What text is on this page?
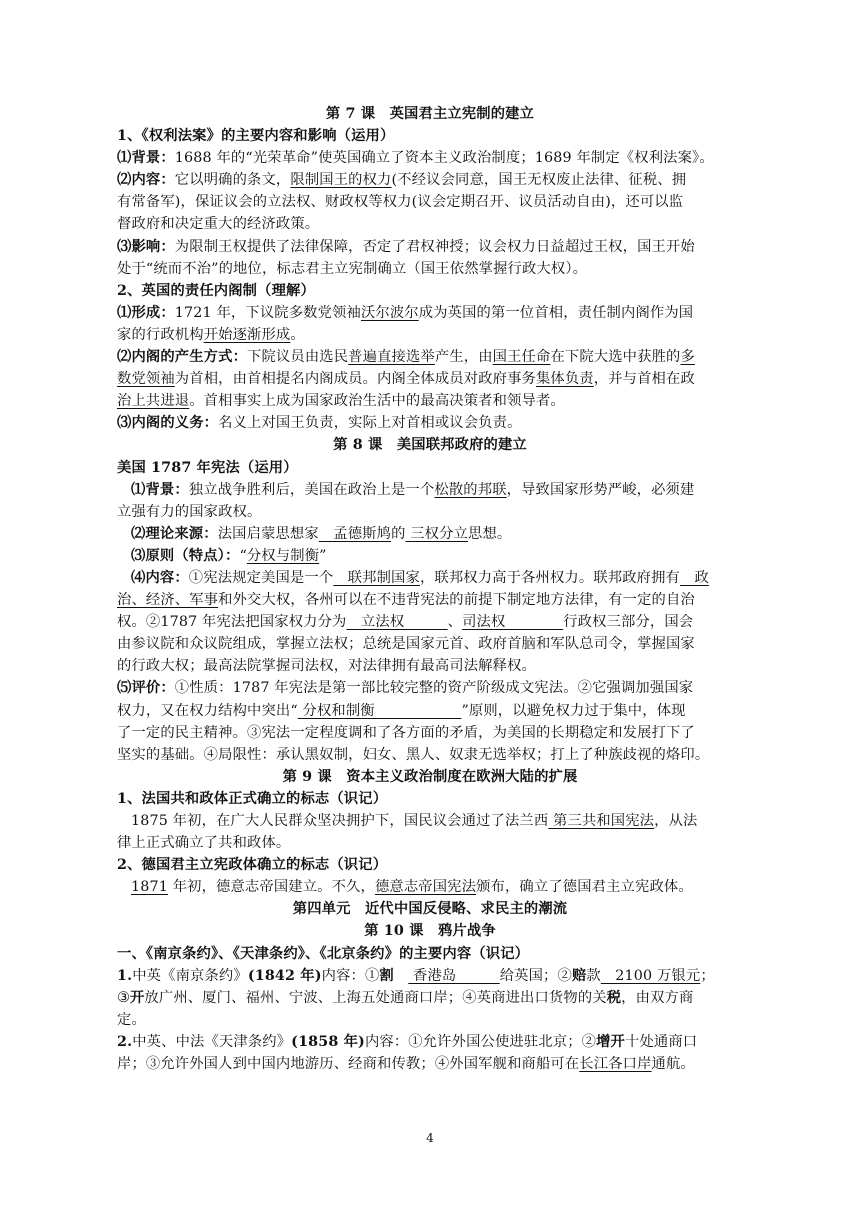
第 7 课　英国君主立宪制的建立
1、《权利法案》的主要内容和影响（运用）
⑴背景：1688 年的“光荣革命”使英国确立了资本主义政治制度；1689 年制定《权利法案》。
⑵内容：它以明确的条文，限制国王的权力(不经议会同意，国王无权废止法律、征税、拥
有常备军)，保证议会的立法权、财政权等权力(议会定期召开、议员活动自由)，还可以监
督政府和决定重大的经济政策。
⑶影响：为限制王权提供了法律保障，否定了君权神授；议会权力日益超过王权，国王开始
处于“统而不治”的地位，标志君主立宪制确立（国王依然掌握行政大权）。
2、英国的责任内阁制（理解）
⑴形成：1721 年，下议院多数党领袖沃尔波尔成为英国的第一位首相，责任制内阁作为国
家的行政机构开始逐渐形成。
⑵内阁的产生方式：下院议员由选民普遍直接选举产生，由国王任命在下院大选中获胜的多
数党领袖为首相，由首相提名内阁成员。内阁全体成员对政府事务集体负责，并与首相在政
治上共进退。首相事实上成为国家政治生活中的最高决策者和领导者。
⑶内阁的义务：名义上对国王负责，实际上对首相或议会负责。
第 8 课　美国联邦政府的建立
美国 1787 年宪法（运用）
⑴背景：独立战争胜利后，美国在政治上是一个松散的邦联，导致国家形势严峻，必须建
立强有力的国家政权。
⑵理论来源：法国启蒙思想家　孟德斯鸠的 三权分立思想。
⑶原则（特点）：“分权与制衡”
⑷内容：①宪法规定美国是一个　联邦制国家，联邦权力高于各州权力。联邦政府拥有　政
治、经济、军事和外交大权，各州可以在不违背宪法的前提下制定地方法律，有一定的自治
权。②1787 年宪法把国家权力分为　立法权　　　、司法权　　　　行政权三部分，国会
由参议院和众议院组成，掌握立法权；总统是国家元首、政府首脑和军队总司令，掌握国家
的行政大权；最高法院掌握司法权，对法律拥有最高司法解释权。
⑸评价：①性质：1787 年宪法是第一部比较完整的资产阶级成文宪法。②它强调加强国家
权力，又在权力结构中突出“ 分权和制衡　　　　　　”原则，以避免权力过于集中，体现
了一定的民主精神。③宪法一定程度调和了各方面的矛盾，为美国的长期稳定和发展打下了
坚实的基础。④局限性：承认黑奴制，妇女、黑人、奴隶无选举权；打上了种族歧视的烙印。
第 9 课　资本主义政治制度在欧洲大陆的扩展
1、法国共和政体正式确立的标志（识记）
1875 年初，在广大人民群众坚决拥护下，国民议会通过了法兰西 第三共和国宪法，从法
律上正式确立了共和政体。
2、德国君主立宪政体确立的标志（识记）
1871 年初，德意志帝国建立。不久，德意志帝国宪法颁布，确立了德国君主立宪政体。
第四单元　近代中国反侵略、求民主的潮流
第 10 课　鸦片战争
一、《南京条约》、《天津条约》、《北京条约》的主要内容（识记）
1.中英《南京条约》(1842 年)内容：①割　 香港岛　　　给英国；②赔款　2100 万银元；
③开放广州、厦门、福州、宁波、上海五处通商口岸；④英商进出口货物的关税，由双方商
定。
2.中英、中法《天津条约》(1858 年)内容：①允许外国公使进驻北京；②增开十处通商口
岸；③允许外国人到中国内地游历、经商和传教；④外国军舰和商船可在长江各口岸通航。
4
